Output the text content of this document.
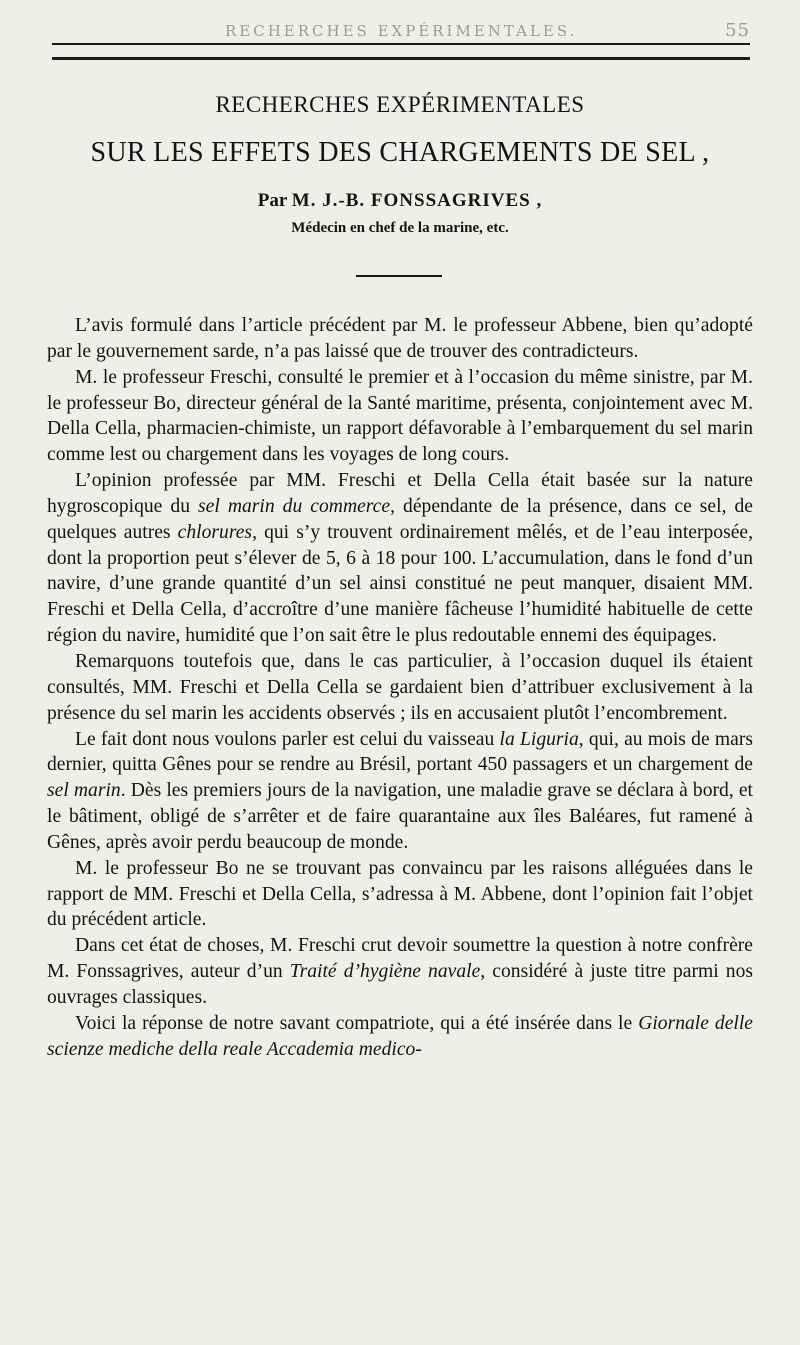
RECHERCHES EXPÉRIMENTALES.	55
RECHERCHES EXPÉRIMENTALES
SUR LES EFFETS DES CHARGEMENTS DE SEL ,
Par M. J.-B. FONSSAGRIVES ,
Médecin en chef de la marine, etc.

L’avis formulé dans l’article précédent par M. le professeur Abbene, bien qu’adopté par le gouvernement sarde, n’a pas laissé que de trouver des contradicteurs.

M. le professeur Freschi, consulté le premier et à l’occasion du même sinistre, par M. le professeur Bo, directeur général de la Santé maritime, présenta, conjointement avec M. Della Cella, pharmacien-chimiste, un rapport défavorable à l’embarquement du sel marin comme lest ou chargement dans les voyages de long cours.

L’opinion professée par MM. Freschi et Della Cella était basée sur la nature hygroscopique du sel marin du commerce, dépendante de la présence, dans ce sel, de quelques autres chlorures, qui s’y trouvent ordinairement mêlés, et de l’eau interposée, dont la proportion peut s’élever de 5, 6 à 18 pour 100. L’accumulation, dans le fond d’un navire, d’une grande quantité d’un sel ainsi constitué ne peut manquer, disaient MM. Freschi et Della Cella, d’accroître d’une manière fâcheuse l’humidité habituelle de cette région du navire, humidité que l’on sait être le plus redoutable ennemi des équipages.

Remarquons toutefois que, dans le cas particulier, à l’occasion duquel ils étaient consultés, MM. Freschi et Della Cella se gardaient bien d’attribuer exclusivement à la présence du sel marin les accidents observés ; ils en accusaient plutôt l’encombrement.

Le fait dont nous voulons parler est celui du vaisseau la Liguria, qui, au mois de mars dernier, quitta Gênes pour se rendre au Brésil, portant 450 passagers et un chargement de sel marin. Dès les premiers jours de la navigation, une maladie grave se déclara à bord, et le bâtiment, obligé de s’arrêter et de faire quarantaine aux îles Baléares, fut ramené à Gênes, après avoir perdu beaucoup de monde.

M. le professeur Bo ne se trouvant pas convaincu par les raisons alléguées dans le rapport de MM. Freschi et Della Cella, s’adressa à M. Abbene, dont l’opinion fait l’objet du précédent article.

Dans cet état de choses, M. Freschi crut devoir soumettre la question à notre confrère M. Fonssagrives, auteur d’un Traité d’hygiène navale, considéré à juste titre parmi nos ouvrages classiques.

Voici la réponse de notre savant compatriote, qui a été insérée dans le Giornale delle scienze mediche della reale Accademia medico-
